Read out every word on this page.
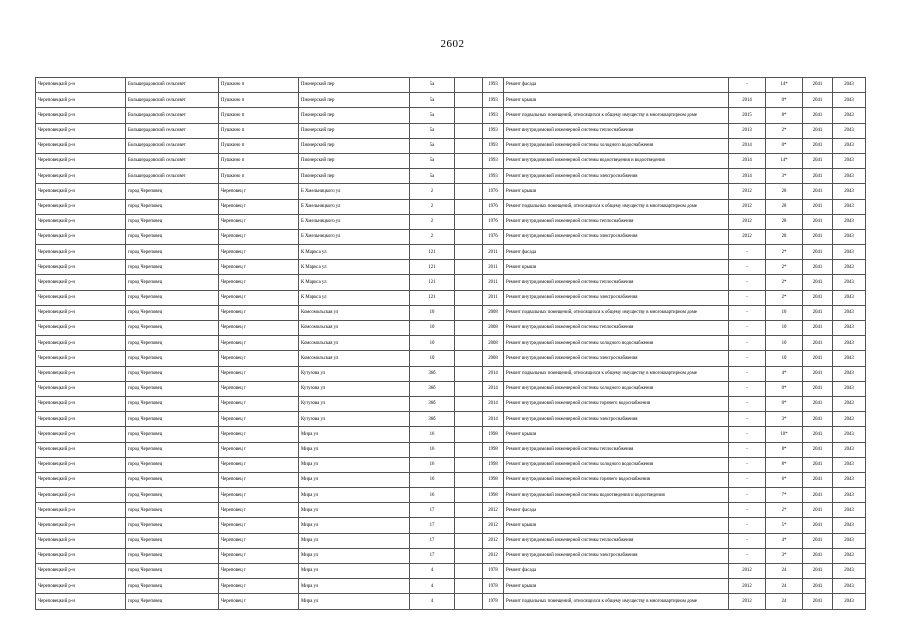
2602
Череповецкий р-н	Большерадовский сельсовет	Пушкино п	Пионерский пер	5а		1993	Ремонт фасада	-	14*	2041	2043
Череповецкий р-н	Большерадовский сельсовет	Пушкино п	Пионерский пер	5а		1993	Ремонт крыши	2014	0*	2041	2043
Череповецкий р-н	Большерадовский сельсовет	Пушкино п	Пионерский пер	5а		1993	Ремонт подвальных помещений, относящихся к общему имуществу в многоквартирном доме	2015	8*	2041	2043
Череповецкий р-н	Большерадовский сельсовет	Пушкино п	Пионерский пер	5а		1993	Ремонт внутридомовой инженерной системы теплоснабжения	2013	2*	2041	2043
Череповецкий р-н	Большерадовский сельсовет	Пушкино п	Пионерский пер	5а		1993	Ремонт внутридомовой инженерной системы холодного водоснабжения	2014	0*	2041	2043
Череповецкий р-н	Большерадовский сельсовет	Пушкино п	Пионерский пер	5а		1993	Ремонт внутридомовой инженерной системы водоотведения и водоотведения	2014	14*	2041	2043
Череповецкий р-н	Большерадовский сельсовет	Пушкино п	Пионерский пер	5а		1993	Ремонт внутридомовой инженерной системы электроснабжения	2014	3*	2041	2043
Череповецкий р-н	город Череповец	Череповец г	Б Хмельницкого ул	2		1976	Ремонт крыши	2012	28	2041	2043
Череповецкий р-н	город Череповец	Череповец г	Б Хмельницкого ул	2		1976	Ремонт подвальных помещений, относящихся к общему имуществу в многоквартирном доме	2012	28	2041	2043
Череповецкий р-н	город Череповец	Череповец г	Б Хмельницкого ул	2		1976	Ремонт внутридомовой инженерной системы теплоснабжения	2012	28	2041	2043
Череповецкий р-н	город Череповец	Череповец г	Б Хмельницкого ул	2		1976	Ремонт внутридомовой инженерной системы электроснабжения	2012	28	2041	2043
Череповецкий р-н	город Череповец	Череповец г	К Маркса ул	121		2011	Ремонт фасада	-	2*	2041	2043
Череповецкий р-н	город Череповец	Череповец г	К Маркса ул	121		2011	Ремонт крыши	-	2*	2041	2043
Череповецкий р-н	город Череповец	Череповец г	К Маркса ул	121		2011	Ремонт внутридомовой инженерной системы теплоснабжения	-	2*	2041	2043
Череповецкий р-н	город Череповец	Череповец г	К Маркса ул	121		2011	Ремонт внутридомовой инженерной системы электроснабжения	-	2*	2041	2043
Череповецкий р-н	город Череповец	Череповец г	Комсомольская ул	10		2008	Ремонт подвальных помещений, относящихся к общему имуществу в многоквартирном доме	-	10	2041	2043
Череповецкий р-н	город Череповец	Череповец г	Комсомольская ул	10		2008	Ремонт внутридомовой инженерной системы теплоснабжения	-	10	2041	2043
Череповецкий р-н	город Череповец	Череповец г	Комсомольская ул	10		2008	Ремонт внутридомовой инженерной системы холодного водоснабжения	-	10	2041	2043
Череповецкий р-н	город Череповец	Череповец г	Комсомольская ул	10		2008	Ремонт внутридомовой инженерной системы электроснабжения	-	10	2041	2043
Череповецкий р-н	город Череповец	Череповец г	Кутузова ул	36б		2014	Ремонт подвальных помещений, относящихся к общему имуществу в многоквартирном доме	-	4*	2041	2043
Череповецкий р-н	город Череповец	Череповец г	Кутузова ул	36б		2014	Ремонт внутридомовой инженерной системы холодного водоснабжения	-	0*	2041	2043
Череповецкий р-н	город Череповец	Череповец г	Кутузова ул	36б		2014	Ремонт внутридомовой инженерной системы горячего водоснабжения	-	0*	2041	2043
Череповецкий р-н	город Череповец	Череповец г	Кутузова ул	36б		2014	Ремонт внутридомовой инженерной системы электроснабжения	-	3*	2041	2043
Череповецкий р-н	город Череповец	Череповец г	Мира ул	16		1998	Ремонт крыши	-	10*	2041	2043
Череповецкий р-н	город Череповец	Череповец г	Мира ул	16		1998	Ремонт внутридомовой инженерной системы теплоснабжения	-	8*	2041	2043
Череповецкий р-н	город Череповец	Череповец г	Мира ул	16		1998	Ремонт внутридомовой инженерной системы холодного водоснабжения	-	8*	2041	2043
Череповецкий р-н	город Череповец	Череповец г	Мира ул	16		1998	Ремонт внутридомовой инженерной системы горячего водоснабжения	-	6*	2041	2043
Череповецкий р-н	город Череповец	Череповец г	Мира ул	16		1998	Ремонт внутридомовой инженерной системы водоотведения и водоотведения	-	7*	2041	2043
Череповецкий р-н	город Череповец	Череповец г	Мира ул	17		2012	Ремонт фасада	-	2*	2041	2043
Череповецкий р-н	город Череповец	Череповец г	Мира ул	17		2012	Ремонт крыши	-	5*	2041	2043
Череповецкий р-н	город Череповец	Череповец г	Мира ул	17		2012	Ремонт внутридомовой инженерной системы теплоснабжения	-	4*	2041	2043
Череповецкий р-н	город Череповец	Череповец г	Мира ул	17		2012	Ремонт внутридомовой инженерной системы электроснабжения	-	3*	2041	2043
Череповецкий р-н	город Череповец	Череповец г	Мира ул	4		1978	Ремонт фасада	2012	24	2041	2043
Череповецкий р-н	город Череповец	Череповец г	Мира ул	4		1978	Ремонт крыши	2012	24	2041	2043
Череповецкий р-н	город Череповец	Череповец г	Мира ул	4		1978	Ремонт подвальных помещений, относящихся к общему имуществу в многоквартирном доме	2012	24	2041	2043
